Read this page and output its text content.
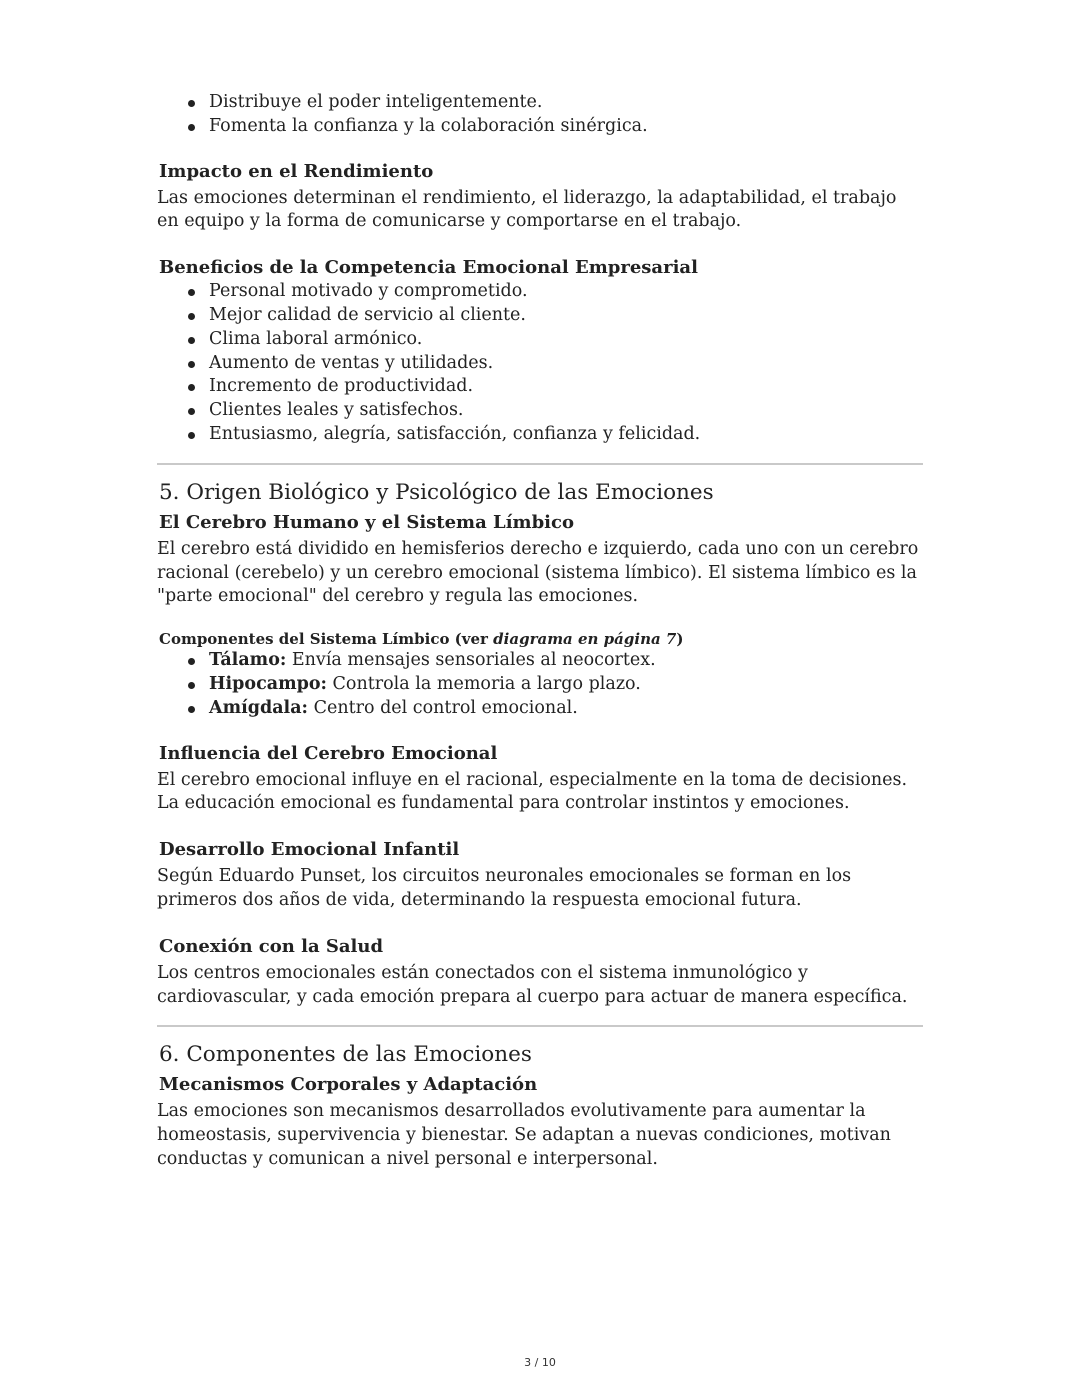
Distribuye el poder inteligentemente.
Fomenta la confianza y la colaboración sinérgica.
Impacto en el Rendimiento

Las emociones determinan el rendimiento, el liderazgo, la adaptabilidad, el trabajo en equipo y la forma de comunicarse y comportarse en el trabajo.

Beneficios de la Competencia Emocional Empresarial
Personal motivado y comprometido.
Mejor calidad de servicio al cliente.
Clima laboral armónico.
Aumento de ventas y utilidades.
Incremento de productividad.
Clientes leales y satisfechos.
Entusiasmo, alegría, satisfacción, confianza y felicidad.
5. Origen Biológico y Psicológico de las Emociones
El Cerebro Humano y el Sistema Límbico

El cerebro está dividido en hemisferios derecho e izquierdo, cada uno con un cerebro racional (cerebelo) y un cerebro emocional (sistema límbico). El sistema límbico es la "parte emocional" del cerebro y regula las emociones.

Componentes del Sistema Límbico (ver diagrama en página 7)
Tálamo: Envía mensajes sensoriales al neocortex.
Hipocampo: Controla la memoria a largo plazo.
Amígdala: Centro del control emocional.
Influencia del Cerebro Emocional

El cerebro emocional influye en el racional, especialmente en la toma de decisiones. La educación emocional es fundamental para controlar instintos y emociones.

Desarrollo Emocional Infantil

Según Eduardo Punset, los circuitos neuronales emocionales se forman en los primeros dos años de vida, determinando la respuesta emocional futura.

Conexión con la Salud

Los centros emocionales están conectados con el sistema inmunológico y cardiovascular, y cada emoción prepara al cuerpo para actuar de manera específica.

6. Componentes de las Emociones
Mecanismos Corporales y Adaptación

Las emociones son mecanismos desarrollados evolutivamente para aumentar la homeostasis, supervivencia y bienestar. Se adaptan a nuevas condiciones, motivan conductas y comunican a nivel personal e interpersonal.

3 / 10
